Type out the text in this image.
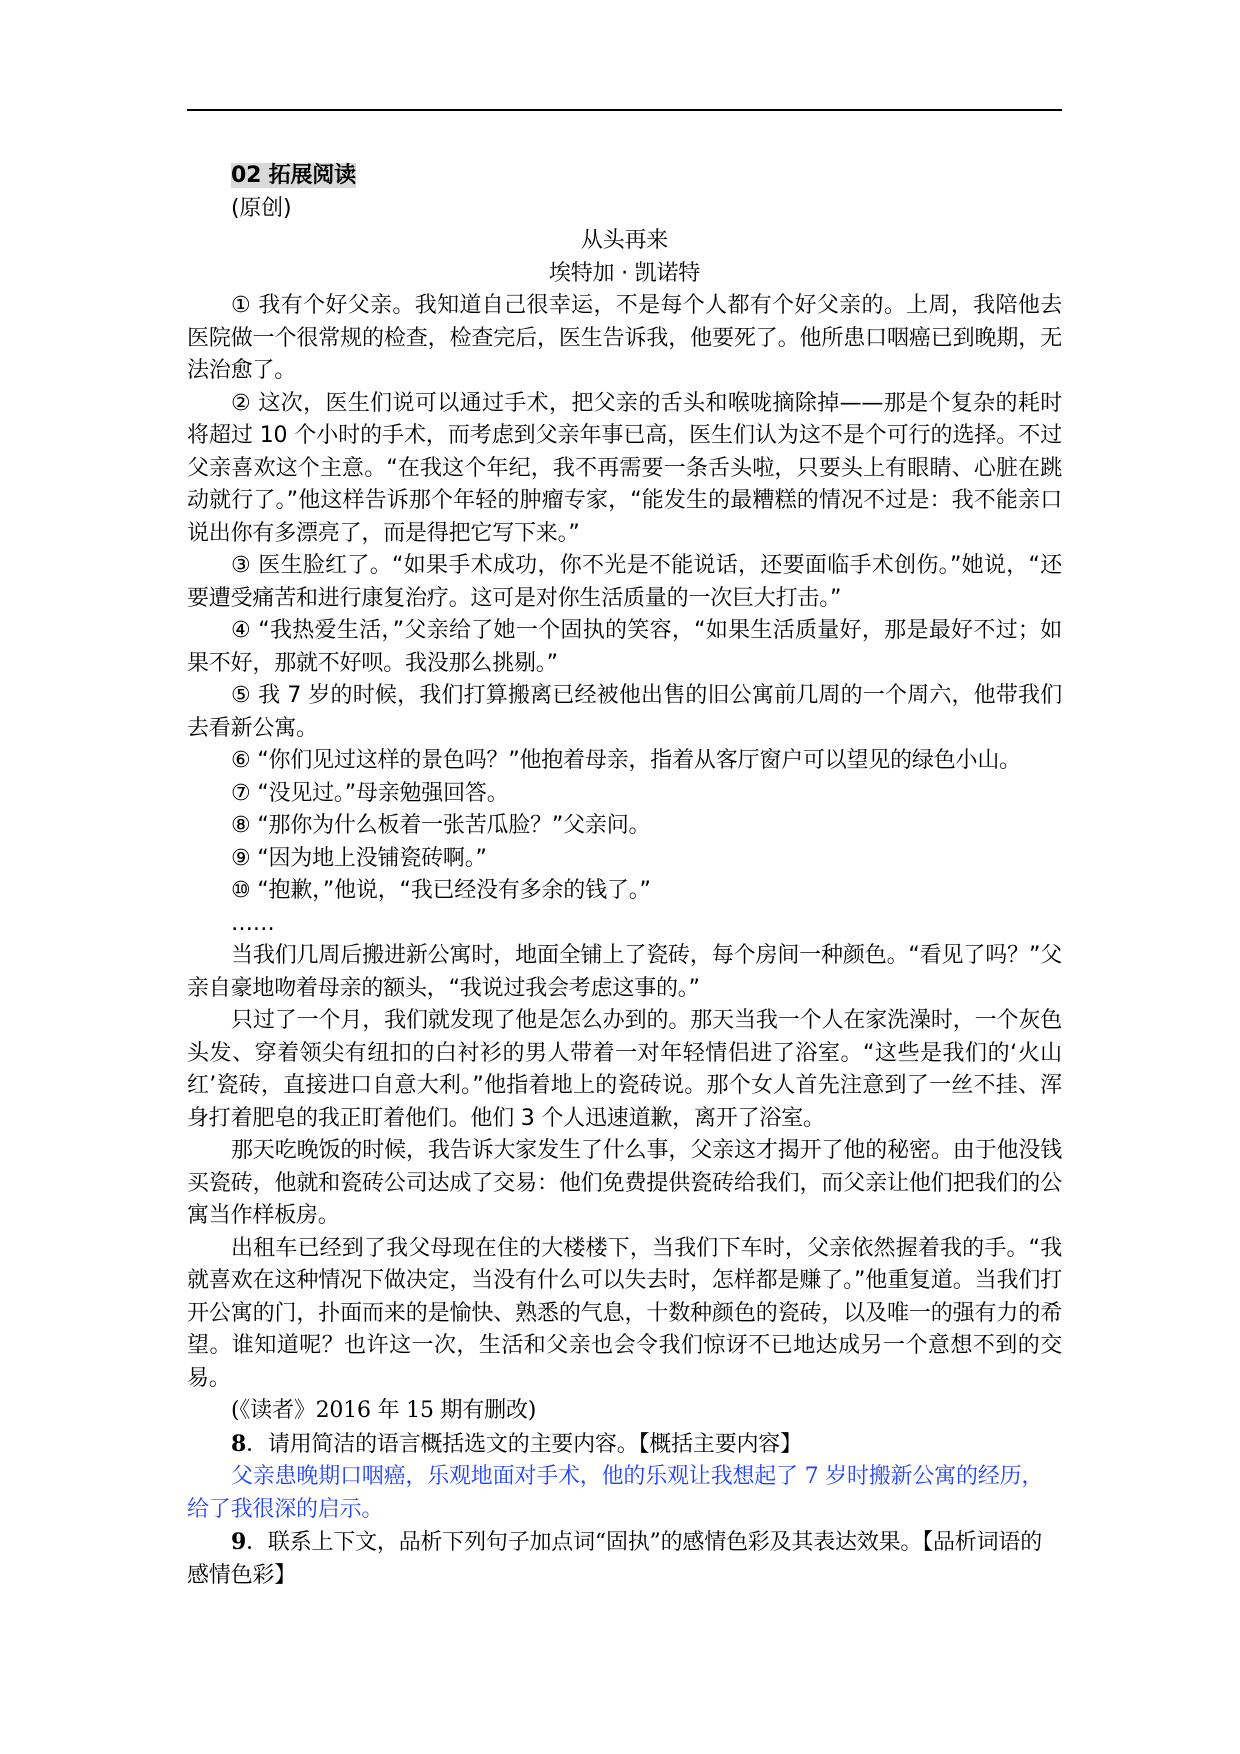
02 拓展阅读
(原创)
从头再来
埃特加 · 凯诺特

① 我有个好父亲。我知道自己很幸运，不是每个人都有个好父亲的。上周，我陪他去医院做一个很常规的检查，检查完后，医生告诉我，他要死了。他所患口咽癌已到晚期，无法治愈了。

② 这次，医生们说可以通过手术，把父亲的舌头和喉咙摘除掉——那是个复杂的耗时将超过 10 个小时的手术，而考虑到父亲年事已高，医生们认为这不是个可行的选择。不过父亲喜欢这个主意。“在我这个年纪，我不再需要一条舌头啦，只要头上有眼睛、心脏在跳动就行了。”他这样告诉那个年轻的肿瘤专家，“能发生的最糟糕的情况不过是：我不能亲口说出你有多漂亮了，而是得把它写下来。”

③ 医生脸红了。“如果手术成功，你不光是不能说话，还要面临手术创伤。”她说，“还要遭受痛苦和进行康复治疗。这可是对你生活质量的一次巨大打击。”

④ “我热爱生活，”父亲给了她一个固执的笑容，“如果生活质量好，那是最好不过；如果不好，那就不好呗。我没那么挑剔。”

⑤ 我 7 岁的时候，我们打算搬离已经被他出售的旧公寓前几周的一个周六，他带我们去看新公寓。

⑥ “你们见过这样的景色吗？”他抱着母亲，指着从客厅窗户可以望见的绿色小山。
⑦ “没见过。”母亲勉强回答。
⑧ “那你为什么板着一张苦瓜脸？”父亲问。
⑨ “因为地上没铺瓷砖啊。”
⑩ “抱歉，”他说，“我已经没有多余的钱了。”
……

当我们几周后搬进新公寓时，地面全铺上了瓷砖，每个房间一种颜色。“看见了吗？”父亲自豪地吻着母亲的额头，“我说过我会考虑这事的。”

只过了一个月，我们就发现了他是怎么办到的。那天当我一个人在家洗澡时，一个灰色头发、穿着领尖有纽扣的白衬衫的男人带着一对年轻情侣进了浴室。“这些是我们的‘火山红’瓷砖，直接进口自意大利。”他指着地上的瓷砖说。那个女人首先注意到了一丝不挂、浑身打着肥皂的我正盯着他们。他们 3 个人迅速道歉，离开了浴室。

那天吃晚饭的时候，我告诉大家发生了什么事，父亲这才揭开了他的秘密。由于他没钱买瓷砖，他就和瓷砖公司达成了交易：他们免费提供瓷砖给我们，而父亲让他们把我们的公寓当作样板房。

出租车已经到了我父母现在住的大楼楼下，当我们下车时，父亲依然握着我的手。“我就喜欢在这种情况下做决定，当没有什么可以失去时，怎样都是赚了。”他重复道。当我们打开公寓的门，扑面而来的是愉快、熟悉的气息，十数种颜色的瓷砖，以及唯一的强有力的希望。谁知道呢？也许这一次，生活和父亲也会令我们惊讶不已地达成另一个意想不到的交易。

(《读者》2016 年 15 期有删改)

8．请用简洁的语言概括选文的主要内容。【概括主要内容】

父亲患晚期口咽癌，乐观地面对手术，他的乐观让我想起了 7 岁时搬新公寓的经历，给了我很深的启示。

9．联系上下文，品析下列句子加点词“固执”的感情色彩及其表达效果。【品析词语的感情色彩】
